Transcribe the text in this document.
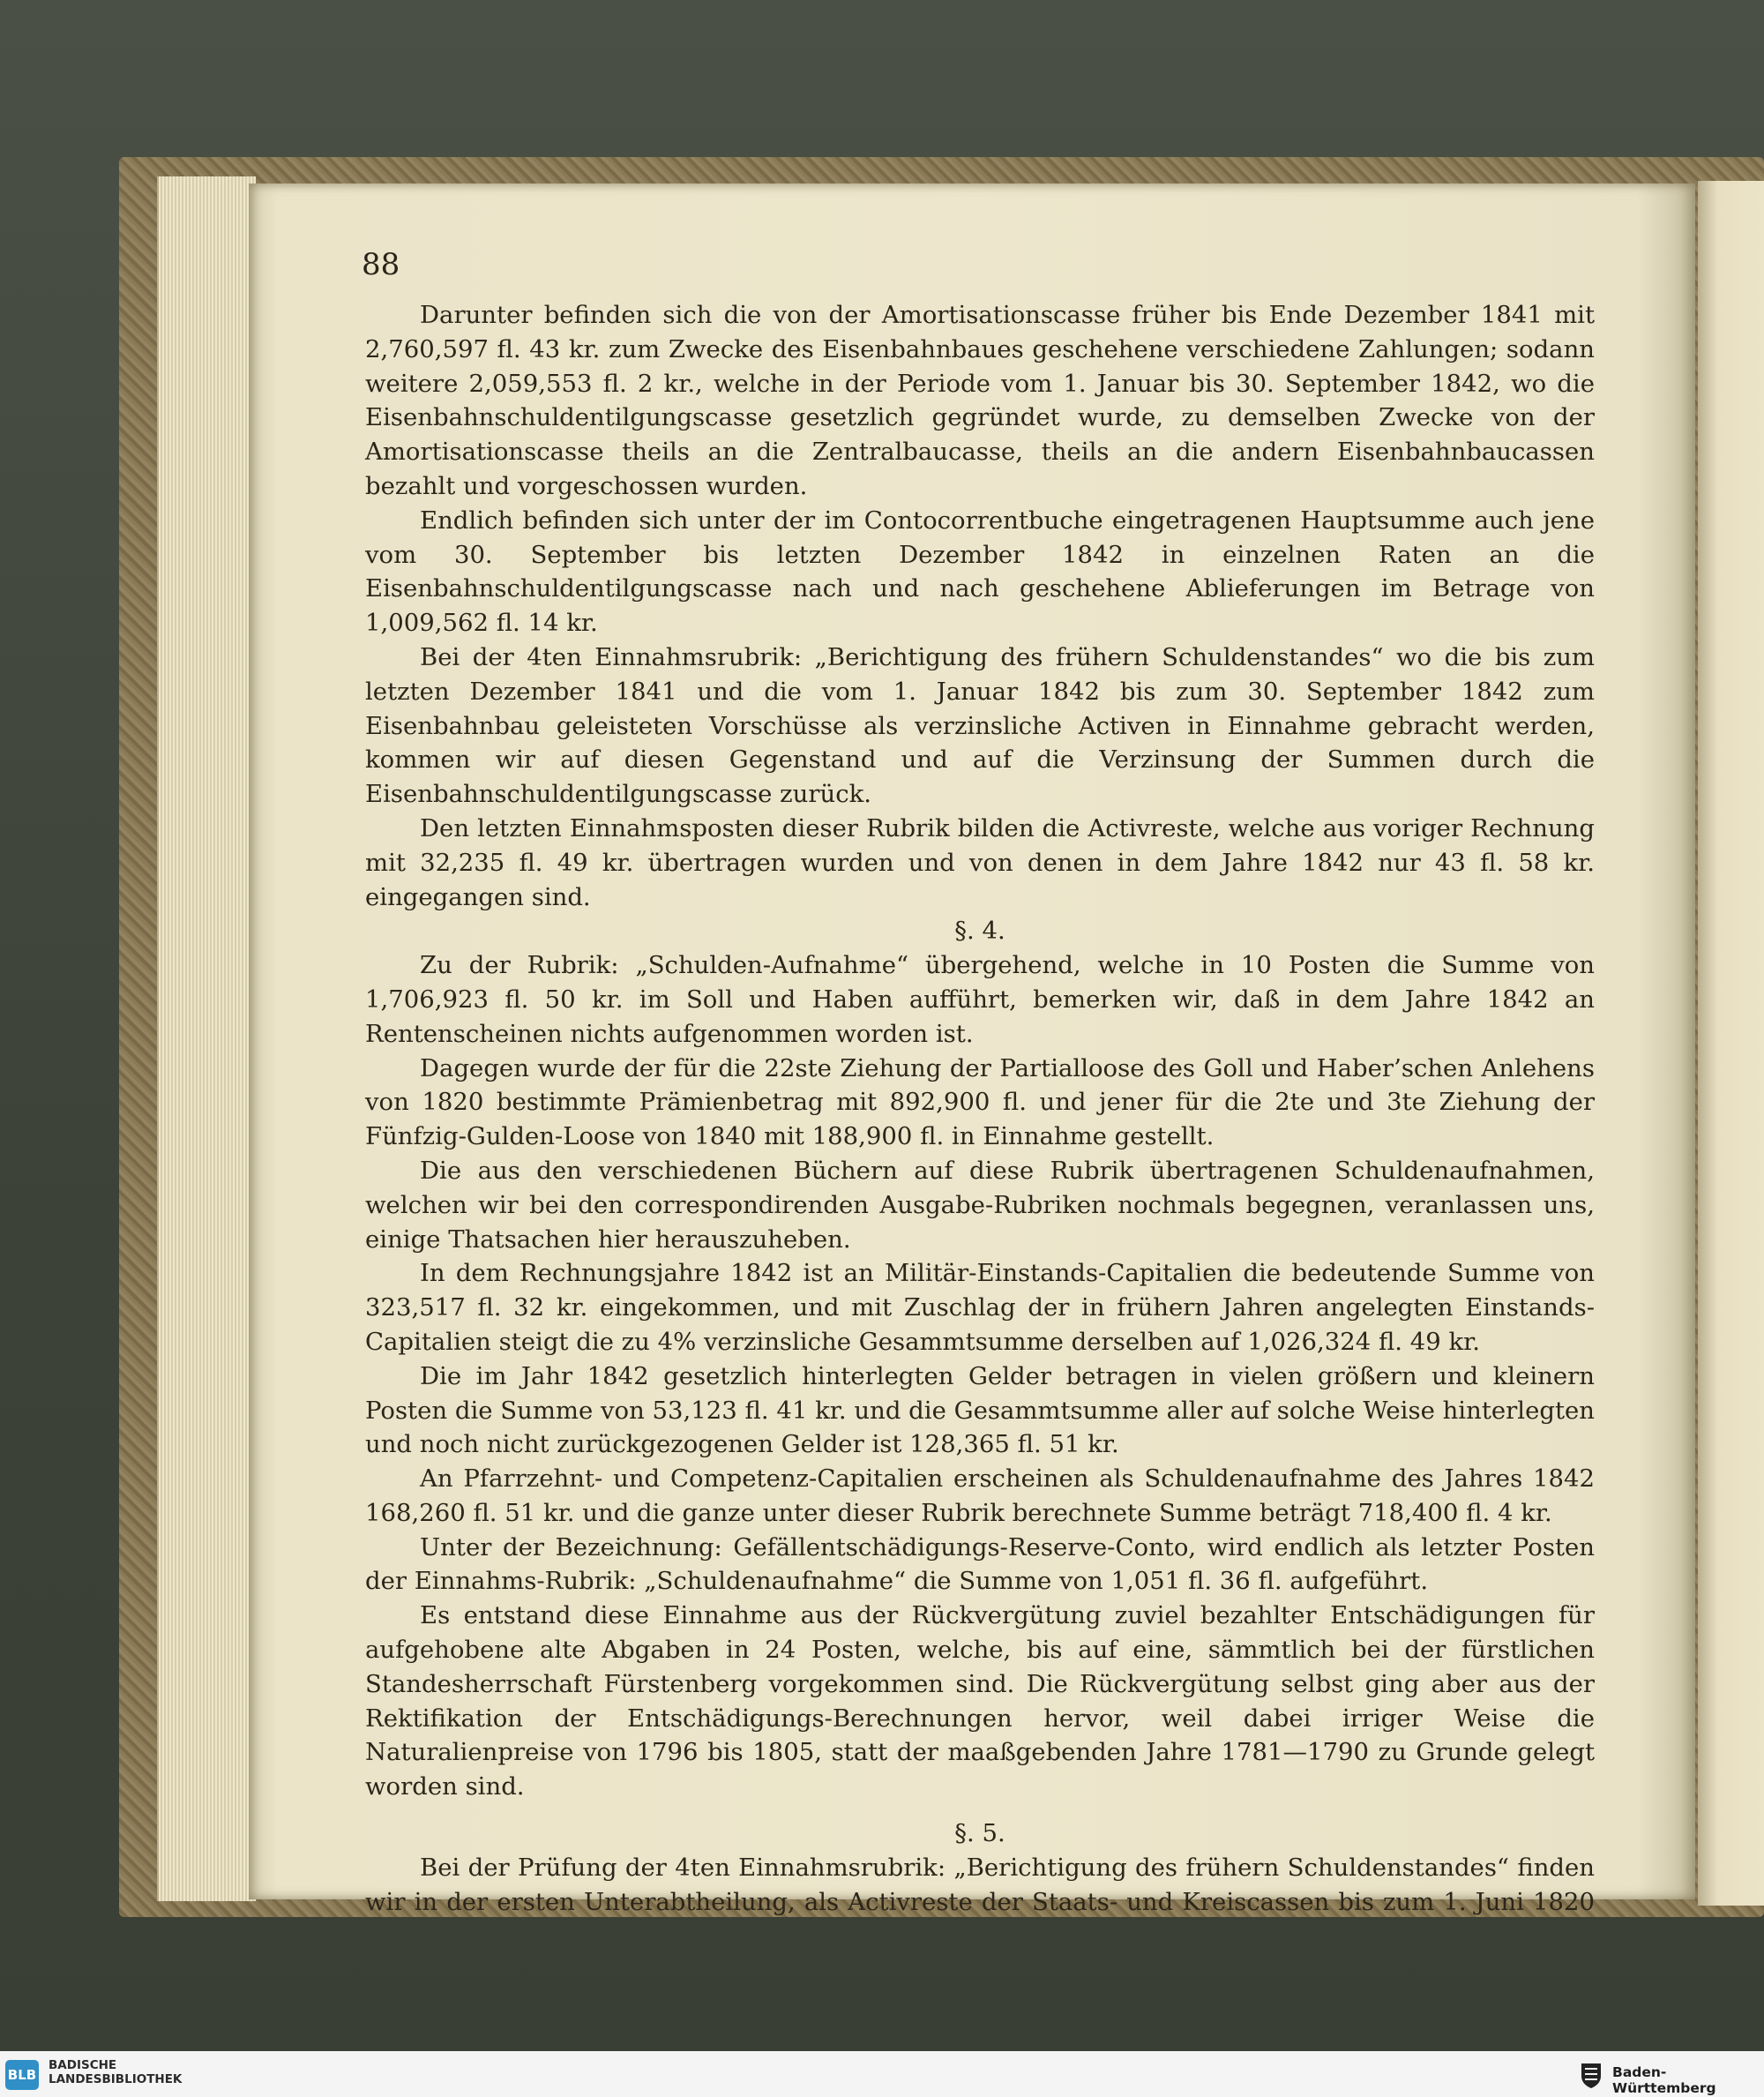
88

Darunter befinden sich die von der Amortisationscasse früher bis Ende Dezember 1841 mit 2,760,597 fl. 43 kr. zum Zwecke des Eisenbahnbaues geschehene verschiedene Zahlungen; sodann weitere 2,059,553 fl. 2 kr., welche in der Periode vom 1. Januar bis 30. September 1842, wo die Eisenbahnschuldentilgungscasse gesetzlich gegründet wurde, zu demselben Zwecke von der Amortisationscasse theils an die Zentralbaucasse, theils an die andern Eisenbahnbaucassen bezahlt und vorgeschossen wurden.

Endlich befinden sich unter der im Contocorrentbuche eingetragenen Hauptsumme auch jene vom 30. September bis letzten Dezember 1842 in einzelnen Raten an die Eisenbahnschuldentilgungscasse nach und nach geschehene Ablieferungen im Betrage von 1,009,562 fl. 14 kr.

Bei der 4ten Einnahmsrubrik: „Berichtigung des frühern Schuldenstandes“ wo die bis zum letzten Dezember 1841 und die vom 1. Januar 1842 bis zum 30. September 1842 zum Eisenbahnbau geleisteten Vorschüsse als verzinsliche Activen in Einnahme gebracht werden, kommen wir auf diesen Gegenstand und auf die Verzinsung der Summen durch die Eisenbahnschuldentilgungscasse zurück.

Den letzten Einnahmsposten dieser Rubrik bilden die Activreste, welche aus voriger Rechnung mit 32,235 fl. 49 kr. übertragen wurden und von denen in dem Jahre 1842 nur 43 fl. 58 kr. eingegangen sind.

§. 4.

Zu der Rubrik: „Schulden-Aufnahme“ übergehend, welche in 10 Posten die Summe von 1,706,923 fl. 50 kr. im Soll und Haben aufführt, bemerken wir, daß in dem Jahre 1842 an Rentenscheinen nichts aufgenommen worden ist.

Dagegen wurde der für die 22ste Ziehung der Partialloose des Goll und Haber’schen Anlehens von 1820 bestimmte Prämienbetrag mit 892,900 fl. und jener für die 2te und 3te Ziehung der Fünfzig-Gulden-Loose von 1840 mit 188,900 fl. in Einnahme gestellt.

Die aus den verschiedenen Büchern auf diese Rubrik übertragenen Schuldenaufnahmen, welchen wir bei den correspondirenden Ausgabe-Rubriken nochmals begegnen, veranlassen uns, einige Thatsachen hier herauszuheben.

In dem Rechnungsjahre 1842 ist an Militär-Einstands-Capitalien die bedeutende Summe von 323,517 fl. 32 kr. eingekommen, und mit Zuschlag der in frühern Jahren angelegten Einstands-Capitalien steigt die zu 4% verzinsliche Gesammtsumme derselben auf 1,026,324 fl. 49 kr.

Die im Jahr 1842 gesetzlich hinterlegten Gelder betragen in vielen größern und kleinern Posten die Summe von 53,123 fl. 41 kr. und die Gesammtsumme aller auf solche Weise hinterlegten und noch nicht zurückgezogenen Gelder ist 128,365 fl. 51 kr.

An Pfarrzehnt- und Competenz-Capitalien erscheinen als Schuldenaufnahme des Jahres 1842 168,260 fl. 51 kr. und die ganze unter dieser Rubrik berechnete Summe beträgt 718,400 fl. 4 kr.

Unter der Bezeichnung: Gefällentschädigungs-Reserve-Conto, wird endlich als letzter Posten der Einnahms-Rubrik: „Schuldenaufnahme“ die Summe von 1,051 fl. 36 fl. aufgeführt.

Es entstand diese Einnahme aus der Rückvergütung zuviel bezahlter Entschädigungen für aufgehobene alte Abgaben in 24 Posten, welche, bis auf eine, sämmtlich bei der fürstlichen Standesherrschaft Fürstenberg vorgekommen sind. Die Rückvergütung selbst ging aber aus der Rektifikation der Entschädigungs-Berechnungen hervor, weil dabei irriger Weise die Naturalienpreise von 1796 bis 1805, statt der maaßgebenden Jahre 1781—1790 zu Grunde gelegt worden sind.

§. 5.

Bei der Prüfung der 4ten Einnahmsrubrik: „Berichtigung des frühern Schuldenstandes“ finden wir in der ersten Unterabtheilung, als Activreste der Staats- und Kreiscassen bis zum 1. Juni 1820

BLB
BADISCHE
LANDESBIBLIOTHEK	Baden-Württemberg
